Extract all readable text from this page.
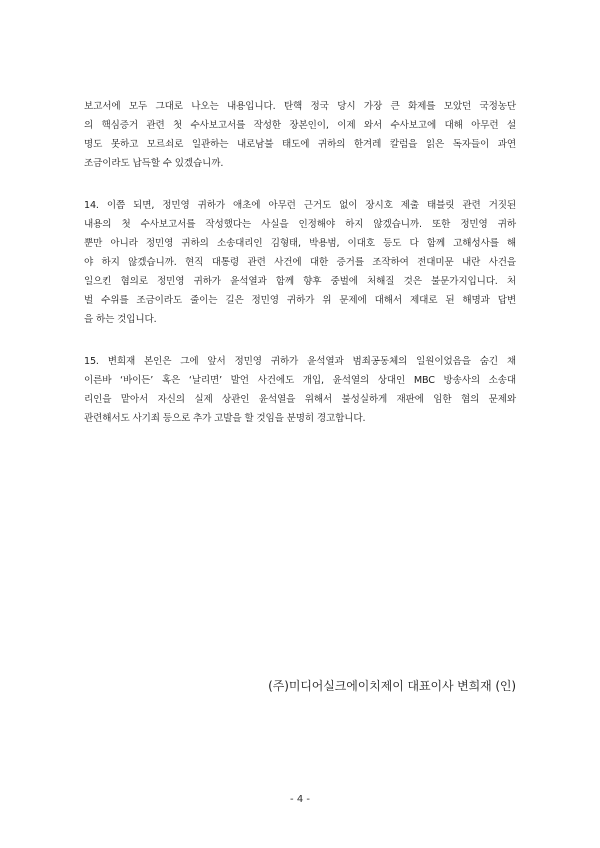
보고서에 모두 그대로 나오는 내용입니다. 탄핵 정국 당시 가장 큰 화제를 모았던 국정농단
의 핵심증거 관련 첫 수사보고서를 작성한 장본인이, 이제 와서 수사보고에 대해 아무런 설
명도 못하고 모르쇠로 일관하는 내로남불 태도에 귀하의 한겨레 칼럼을 읽은 독자들이 과연
조금이라도 납득할 수 있겠습니까.

14. 이쯤 되면, 정민영 귀하가 애초에 아무런 근거도 없이 장시호 제출 태블릿 관련 거짓된
내용의 첫 수사보고서를 작성했다는 사실을 인정해야 하지 않겠습니까. 또한 정민영 귀하
뿐만 아니라 정민영 귀하의 소송대리인 김형태, 박용범, 이대호 등도 다 함께 고해성사를 해
야 하지 않겠습니까. 현직 대통령 관련 사건에 대한 증거를 조작하여 전대미문 내란 사건을
일으킨 혐의로 정민영 귀하가 윤석열과 함께 향후 중벌에 처해질 것은 불문가지입니다. 처
벌 수위를 조금이라도 줄이는 길은 정민영 귀하가 위 문제에 대해서 제대로 된 해명과 답변
을 하는 것입니다.

15. 변희재 본인은 그에 앞서 정민영 귀하가 윤석열과 범죄공동체의 일원이었음을 숨긴 채
이른바 ‘바이든’ 혹은 ‘날리면’ 발언 사건에도 개입, 윤석열의 상대인 MBC 방송사의 소송대
리인을 맡아서 자신의 실제 상관인 윤석열을 위해서 불성실하게 재판에 임한 혐의 문제와
관련해서도 사기죄 등으로 추가 고발을 할 것임을 분명히 경고합니다.

(주)미디어실크에이치제이 대표이사 변희재 (인)
- 4 -
